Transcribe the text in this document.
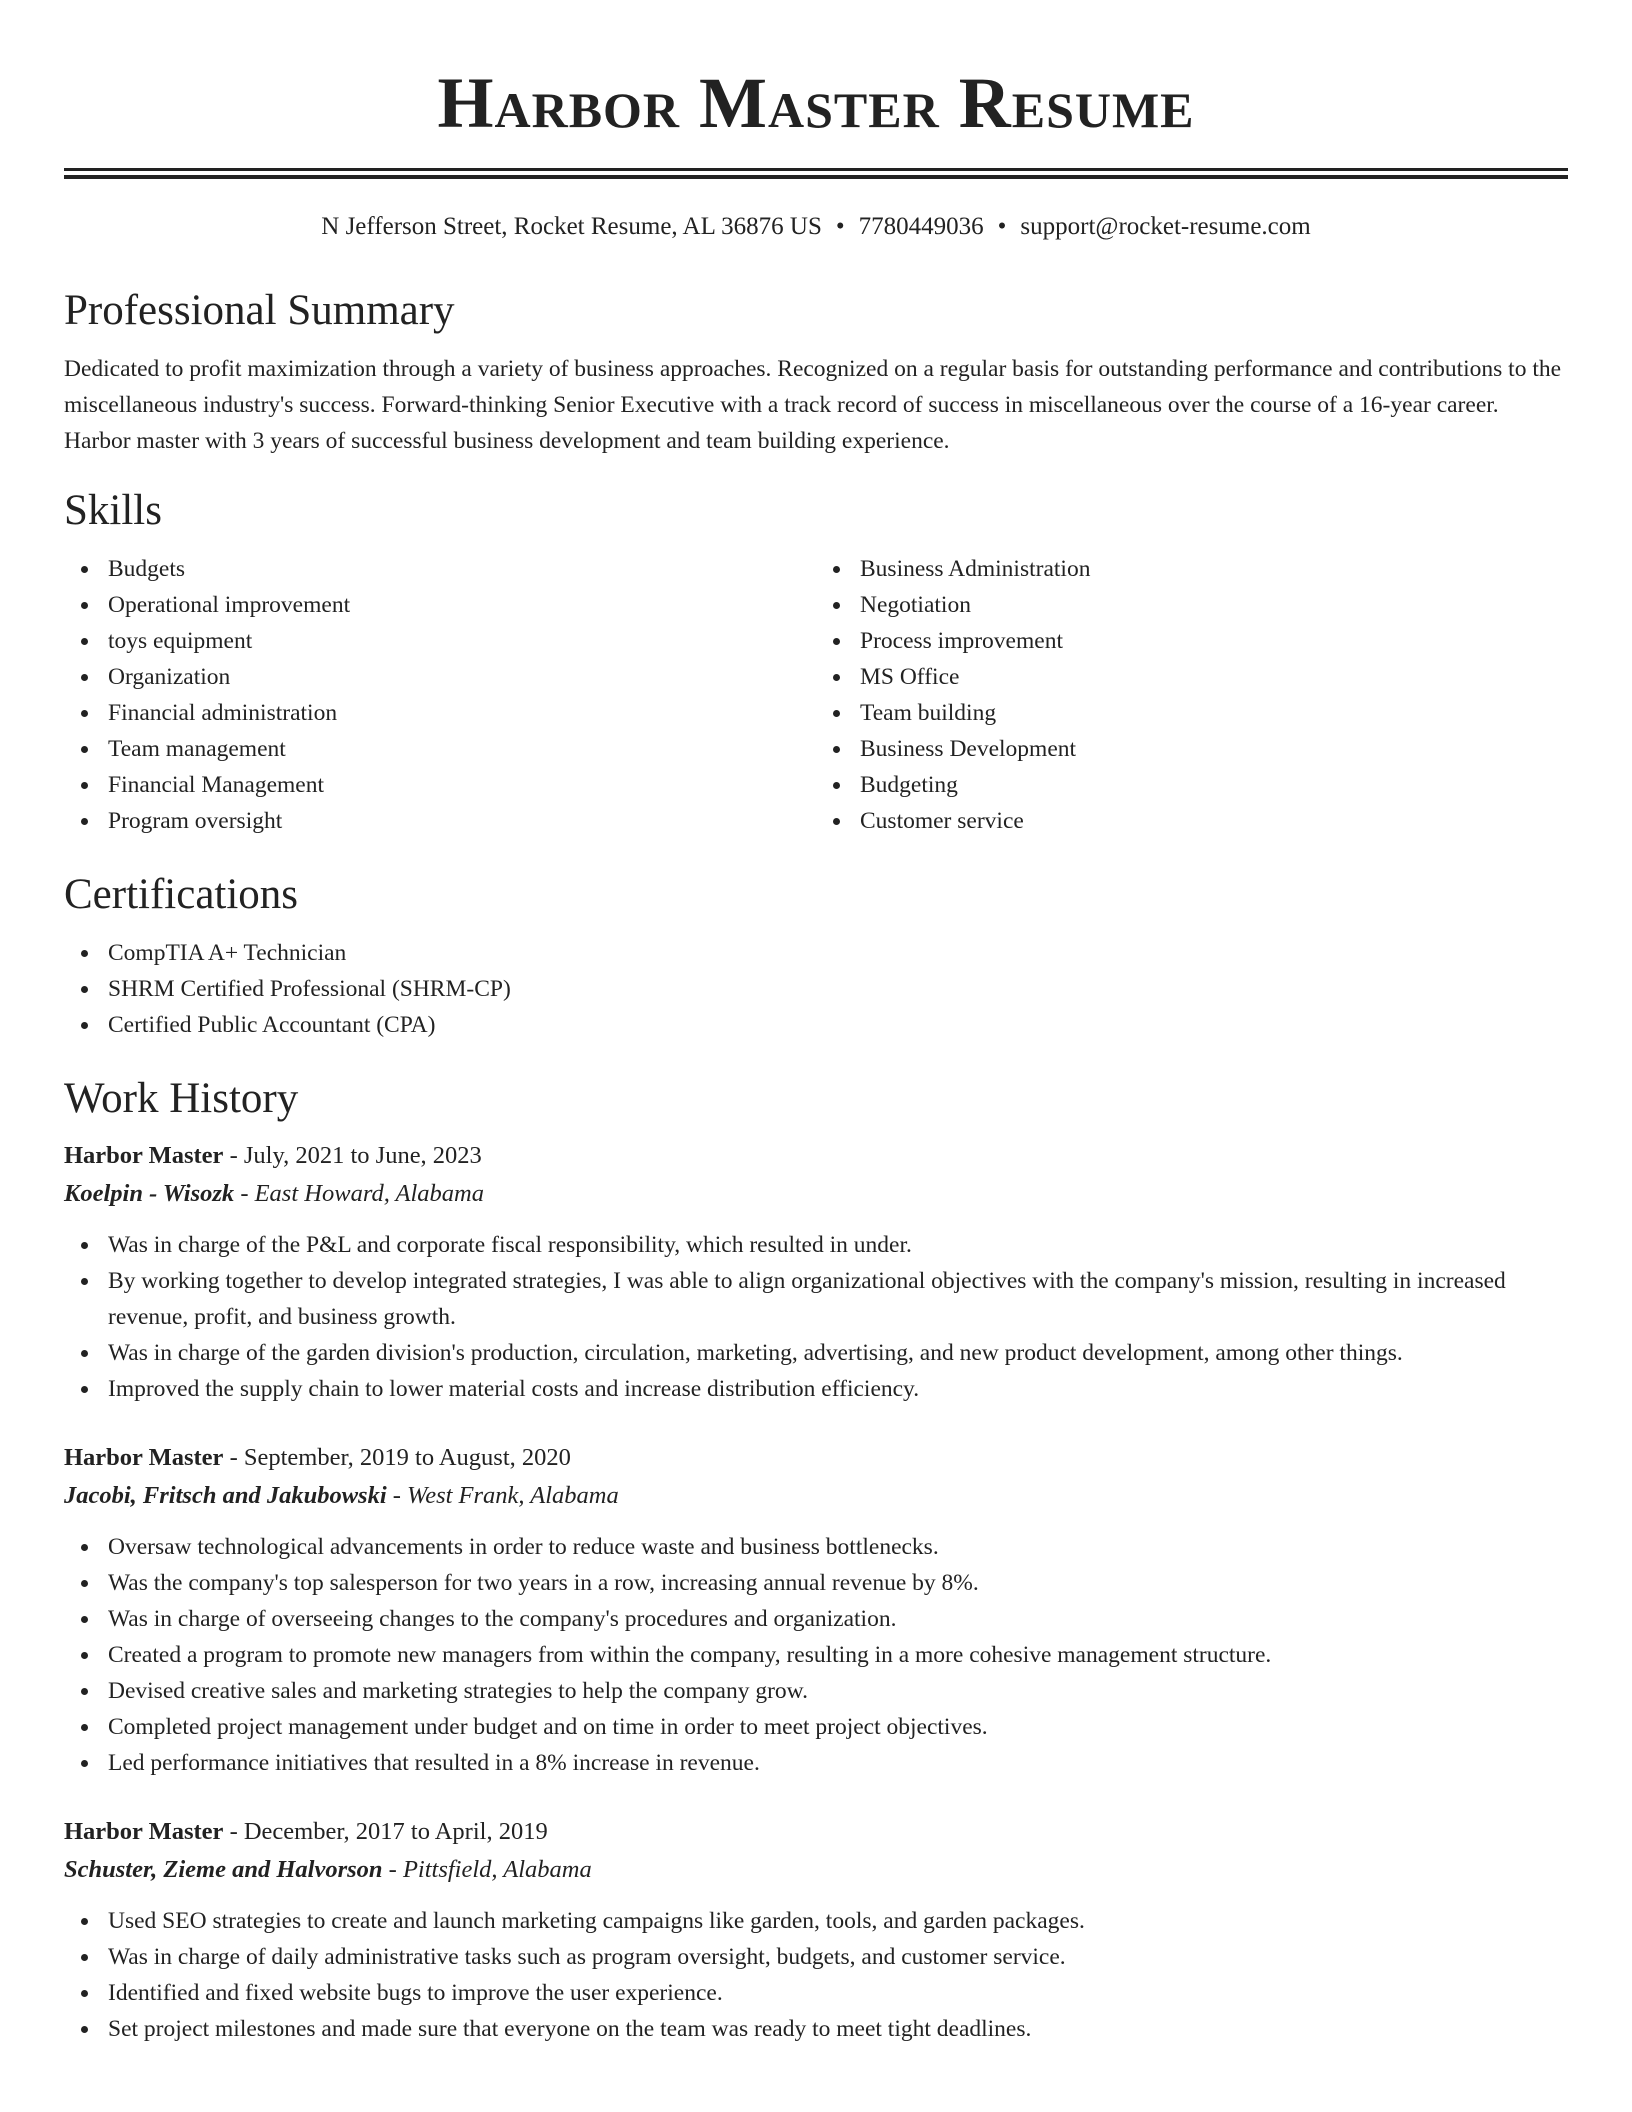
Harbor Master Resume
N Jefferson Street, Rocket Resume, AL 36876 US • 7780449036 • support@rocket-resume.com
Professional Summary

Dedicated to profit maximization through a variety of business approaches. Recognized on a regular basis for outstanding performance and contributions to the miscellaneous industry's success. Forward-thinking Senior Executive with a track record of success in miscellaneous over the course of a 16-year career. Harbor master with 3 years of successful business development and team building experience.

Skills
Budgets
Operational improvement
toys equipment
Organization
Financial administration
Team management
Financial Management
Program oversight
Business Administration
Negotiation
Process improvement
MS Office
Team building
Business Development
Budgeting
Customer service
Certifications
CompTIA A+ Technician
SHRM Certified Professional (SHRM-CP)
Certified Public Accountant (CPA)
Work History
Harbor Master - July, 2021 to June, 2023
Koelpin - Wisozk - East Howard, Alabama
Was in charge of the P&L and corporate fiscal responsibility, which resulted in under.
By working together to develop integrated strategies, I was able to align organizational objectives with the company's mission, resulting in increased revenue, profit, and business growth.
Was in charge of the garden division's production, circulation, marketing, advertising, and new product development, among other things.
Improved the supply chain to lower material costs and increase distribution efficiency.
Harbor Master - September, 2019 to August, 2020
Jacobi, Fritsch and Jakubowski - West Frank, Alabama
Oversaw technological advancements in order to reduce waste and business bottlenecks.
Was the company's top salesperson for two years in a row, increasing annual revenue by 8%.
Was in charge of overseeing changes to the company's procedures and organization.
Created a program to promote new managers from within the company, resulting in a more cohesive management structure.
Devised creative sales and marketing strategies to help the company grow.
Completed project management under budget and on time in order to meet project objectives.
Led performance initiatives that resulted in a 8% increase in revenue.
Harbor Master - December, 2017 to April, 2019
Schuster, Zieme and Halvorson - Pittsfield, Alabama
Used SEO strategies to create and launch marketing campaigns like garden, tools, and garden packages.
Was in charge of daily administrative tasks such as program oversight, budgets, and customer service.
Identified and fixed website bugs to improve the user experience.
Set project milestones and made sure that everyone on the team was ready to meet tight deadlines.
